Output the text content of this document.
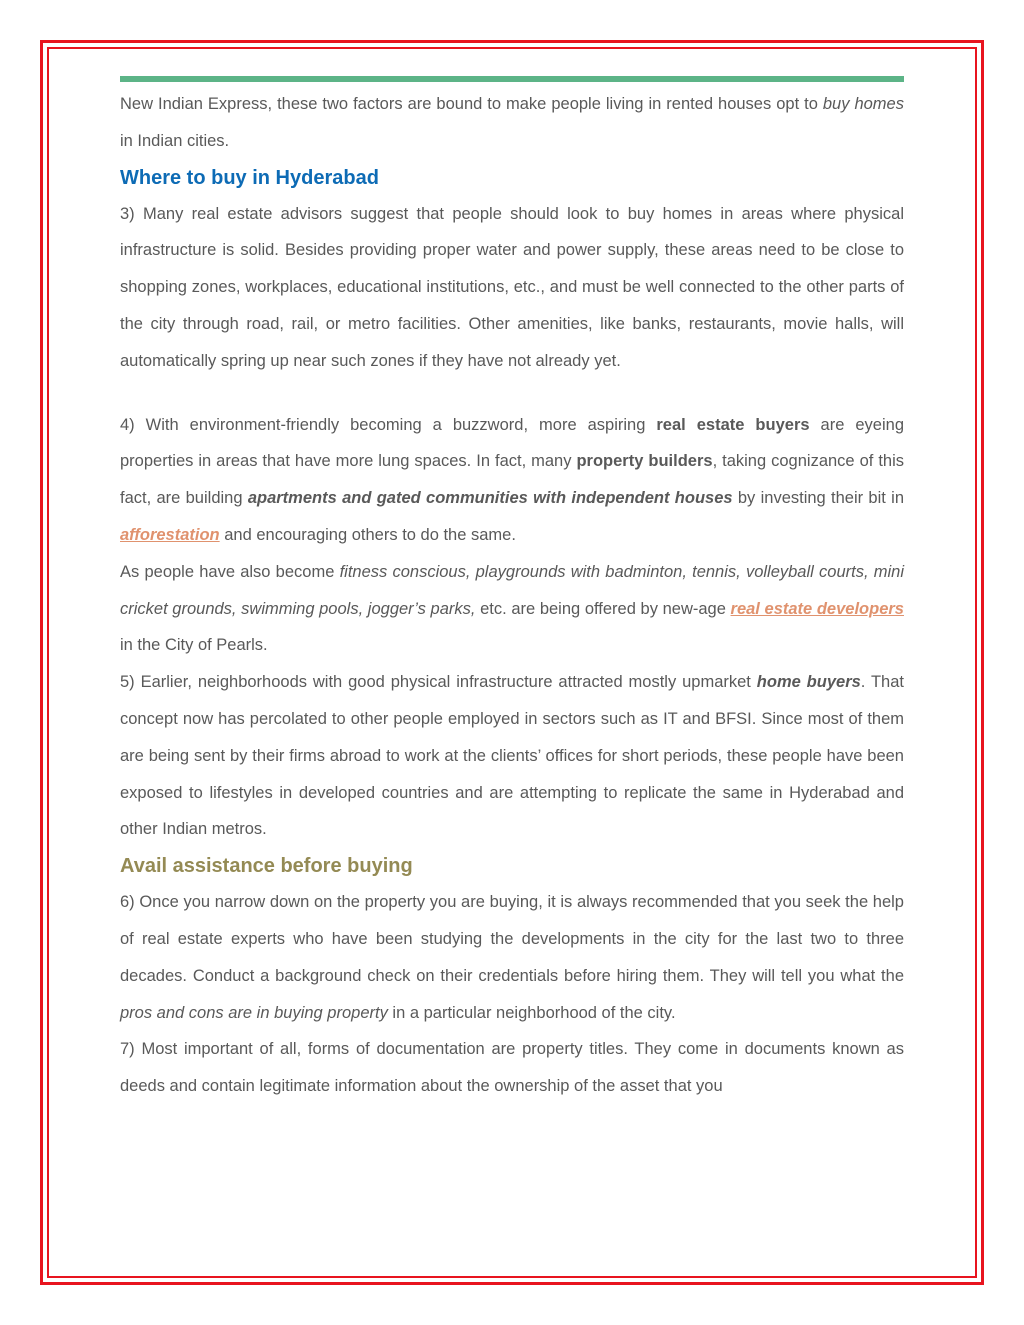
New Indian Express, these two factors are bound to make people living in rented houses opt to buy homes in Indian cities.

Where to buy in Hyderabad

3) Many real estate advisors suggest that people should look to buy homes in areas where physical infrastructure is solid. Besides providing proper water and power supply, these areas need to be close to shopping zones, workplaces, educational institutions, etc., and must be well connected to the other parts of the city through road, rail, or metro facilities. Other amenities, like banks, restaurants, movie halls, will automatically spring up near such zones if they have not already yet.

4) With environment-friendly becoming a buzzword, more aspiring real estate buyers are eyeing properties in areas that have more lung spaces. In fact, many property builders, taking cognizance of this fact, are building apartments and gated communities with independent houses by investing their bit in afforestation and encouraging others to do the same.

As people have also become fitness conscious, playgrounds with badminton, tennis, volleyball courts, mini cricket grounds, swimming pools, jogger’s parks, etc. are being offered by new-age real estate developers in the City of Pearls.

5) Earlier, neighborhoods with good physical infrastructure attracted mostly upmarket home buyers. That concept now has percolated to other people employed in sectors such as IT and BFSI. Since most of them are being sent by their firms abroad to work at the clients’ offices for short periods, these people have been exposed to lifestyles in developed countries and are attempting to replicate the same in Hyderabad and other Indian metros.

Avail assistance before buying

6) Once you narrow down on the property you are buying, it is always recommended that you seek the help of real estate experts who have been studying the developments in the city for the last two to three decades. Conduct a background check on their credentials before hiring them. They will tell you what the pros and cons are in buying property in a particular neighborhood of the city.

7) Most important of all, forms of documentation are property titles. They come in documents known as deeds and contain legitimate information about the ownership of the asset that you
